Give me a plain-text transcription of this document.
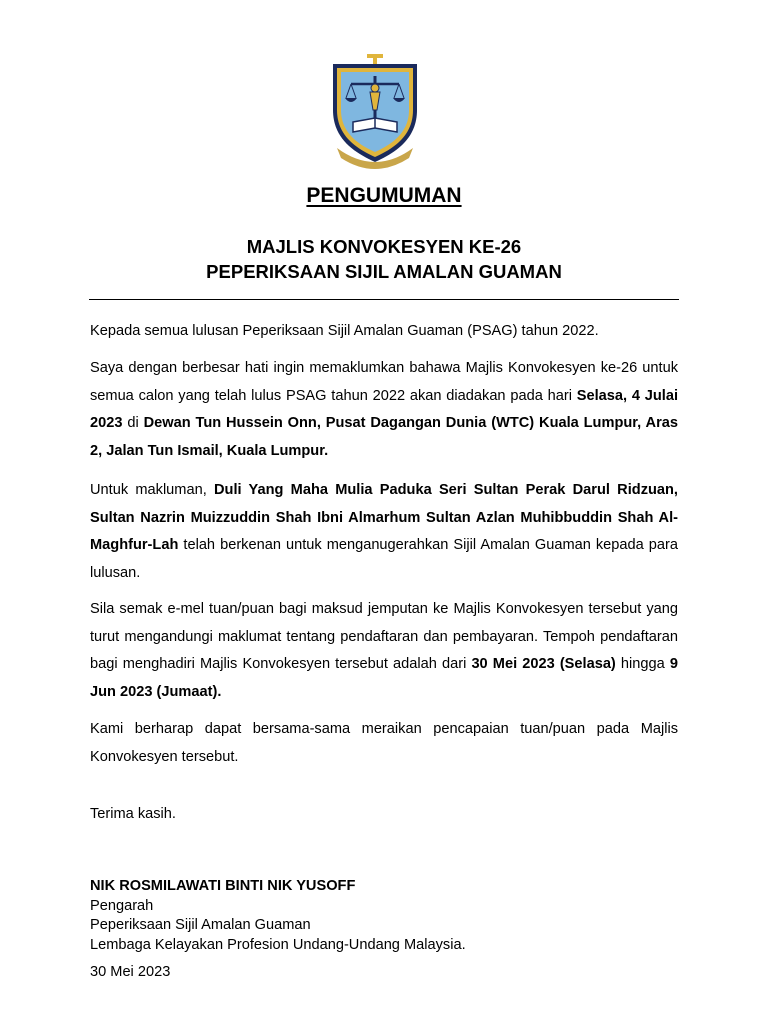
PENGUMUMAN
MAJLIS KONVOKESYEN KE-26
PEPERIKSAAN SIJIL AMALAN GUAMAN

Kepada semua lulusan Peperiksaan Sijil Amalan Guaman (PSAG) tahun 2022.

Saya dengan berbesar hati ingin memaklumkan bahawa Majlis Konvokesyen ke-26 untuk semua calon yang telah lulus PSAG tahun 2022 akan diadakan pada hari Selasa, 4 Julai 2023 di Dewan Tun Hussein Onn, Pusat Dagangan Dunia (WTC) Kuala Lumpur, Aras 2, Jalan Tun Ismail, Kuala Lumpur.

Untuk makluman, Duli Yang Maha Mulia Paduka Seri Sultan Perak Darul Ridzuan, Sultan Nazrin Muizzuddin Shah Ibni Almarhum Sultan Azlan Muhibbuddin Shah Al-Maghfur-Lah telah berkenan untuk menganugerahkan Sijil Amalan Guaman kepada para lulusan.

Sila semak e-mel tuan/puan bagi maksud jemputan ke Majlis Konvokesyen tersebut yang turut mengandungi maklumat tentang pendaftaran dan pembayaran. Tempoh pendaftaran bagi menghadiri Majlis Konvokesyen tersebut adalah dari 30 Mei 2023 (Selasa) hingga 9 Jun 2023 (Jumaat).

Kami berharap dapat bersama-sama meraikan pencapaian tuan/puan pada Majlis Konvokesyen tersebut.

Terima kasih.

NIK ROSMILAWATI BINTI NIK YUSOFF
Pengarah
Peperiksaan Sijil Amalan Guaman
Lembaga Kelayakan Profesion Undang-Undang Malaysia.
30 Mei 2023
